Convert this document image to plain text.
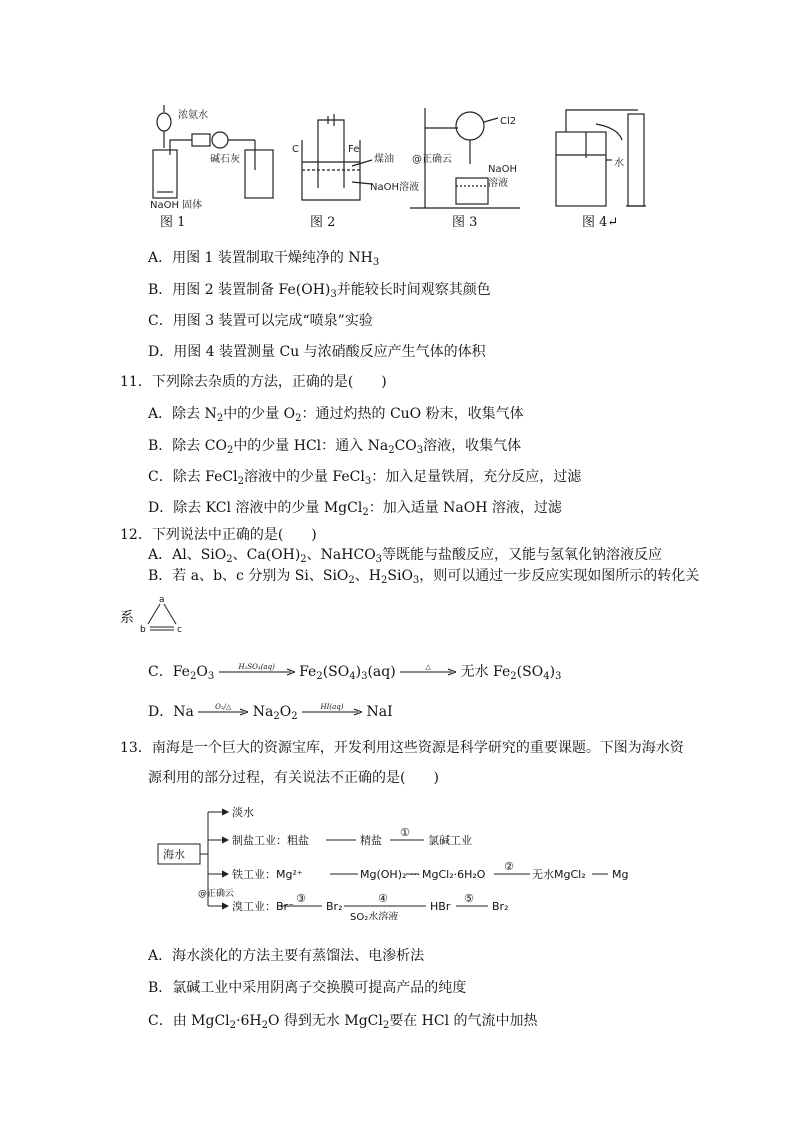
浓氨水
碱石灰
NaOH 固体
C	Fe
煤油
NaOH溶液
Cl2
@正确云
NaOH
溶液
水
图 1	图 2	图 3	图 4↵
A．用图 1 装置制取干燥纯净的 $NH_3$
B．用图 2 装置制备 $Fe(OH)_3$并能较长时间观察其颜色
C．用图 3 装置可以完成“喷泉”实验
D．用图 4 装置测量 Cu 与浓硝酸反应产生气体的体积
11．下列除去杂质的方法，正确的是(　　)
A．除去 $N_2$中的少量 $O_2$：通过灼热的 CuO 粉末，收集气体
B．除去 $CO_2$中的少量 HCl：通入 $Na_2CO_3$溶液，收集气体
C．除去 FeCl$_2$溶液中的少量 FeCl$_3$：加入足量铁屑，充分反应，过滤
D．除去 KCl 溶液中的少量 MgCl$_2$：加入适量 NaOH 溶液，过滤
12．下列说法中正确的是(　　)
A．Al、SiO$_2$、$Ca(OH)_2$、NaHCO$_3$等既能与盐酸反应，又能与氢氧化钠溶液反应
B．若 a、b、c 分别为 Si、SiO$_2$、$H_2SiO_3$，则可以通过一步反应实现如图所示的转化关
系
a
b	c
C．$Fe_2O_3$
H₂SO₄(aq)	$Fe_2(SO_4)_3(aq)$	△	无水 $Fe_2(SO_4)_3$
D．Na	O₂/△	$Na_2O_2$
HI(aq)	NaI
13．南海是一个巨大的资源宝库，开发利用这些资源是科学研究的重要课题。下图为海水资
源利用的部分过程，有关说法不正确的是(　　)
海水
淡水
制盐工业：粗盐	精盐
①
氯碱工业
铁工业：Mg²⁺	Mg(OH)₂ ··· MgCl₂·6H₂O
②
无水MgCl₂ Mg
@正确云
溴工业：Br⁻
③
Br₂
④
SO₂水溶液
HBr
⑤
Br₂
A．海水淡化的方法主要有蒸馏法、电渗析法
B．氯碱工业中采用阴离子交换膜可提高产品的纯度
C．由 $MgCl_2\cdot 6H_2O$ 得到无水 MgCl$_2$要在 HCl 的气流中加热
